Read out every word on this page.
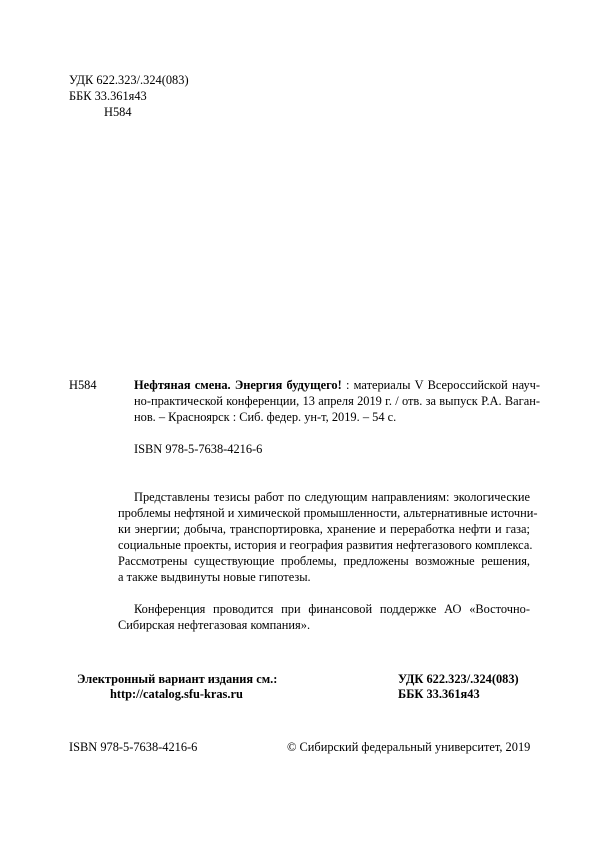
УДК 622.323/.324(083)
ББК 33.361я43
Н584
Н584	Нефтяная смена. Энергия будущего! : материалы V Всероссийской науч-
но-практической конференции, 13 апреля 2019 г. / отв. за выпуск Р.А. Ваган-
нов. – Красноярск : Сиб. федер. ун-т, 2019. – 54 с.
ISBN 978-5-7638-4216-6
Представлены тезисы работ по следующим направлениям: экологические
проблемы нефтяной и химической промышленности, альтернативные источни-
ки энергии; добыча, транспортировка, хранение и переработка нефти и газа;
социальные проекты, история и география развития нефтегазового комплекса.
Рассмотрены существующие проблемы, предложены возможные решения,
а также выдвинуты новые гипотезы.
Конференция проводится при финансовой поддержке АО «Восточно-
Сибирская нефтегазовая компания».
Электронный вариант издания см.:
http://catalog.sfu-kras.ru
УДК 622.323/.324(083)
ББК 33.361я43
ISBN 978-5-7638-4216-6	© Сибирский федеральный университет, 2019
